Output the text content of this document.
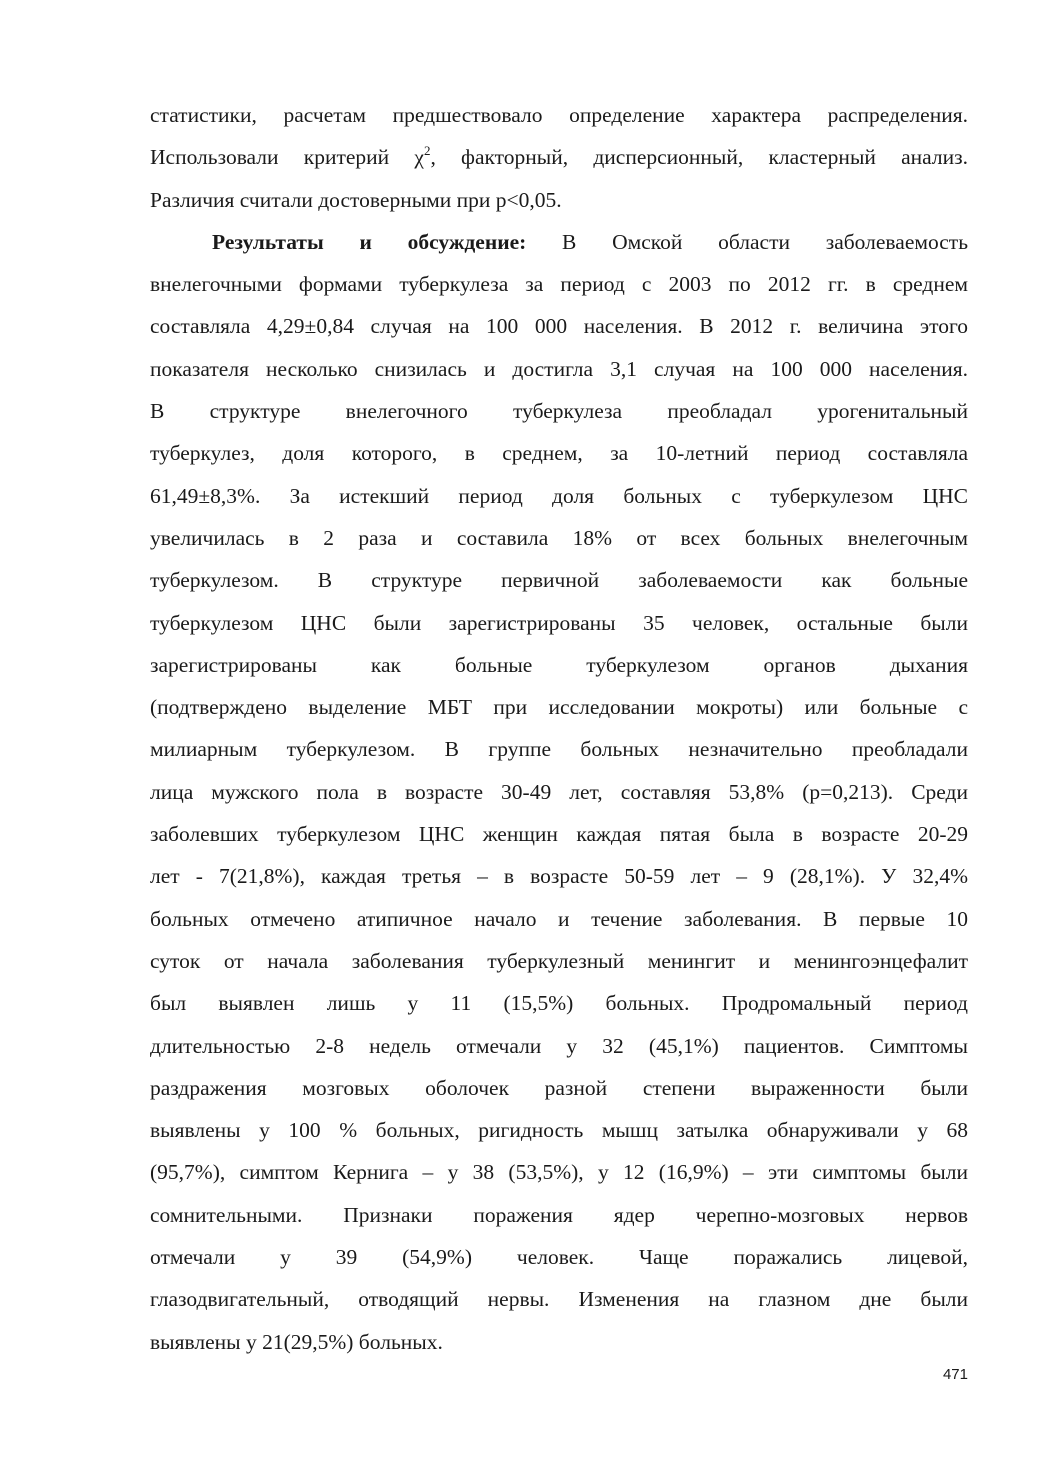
статистики, расчетам предшествовало определение характера распределения.
Использовали критерий $\chi^2$, факторный, дисперсионный, кластерный анализ.
Различия считали достоверными при p<0,05.
Результаты и обсуждение: В Омской области заболеваемость
внелегочными формами туберкулеза за период с 2003 по 2012 гг. в среднем
составляла 4,29±0,84 случая на 100 000 населения. В 2012 г. величина этого
показателя несколько снизилась и достигла 3,1 случая на 100 000 населения.
В структуре внелегочного туберкулеза преобладал урогенитальный
туберкулез, доля которого, в среднем, за 10-летний период составляла
61,49±8,3%. За истекший период доля больных с туберкулезом ЦНС
увеличилась в 2 раза и составила 18% от всех больных внелегочным
туберкулезом. В структуре первичной заболеваемости как больные
туберкулезом ЦНС были зарегистрированы 35 человек, остальные были
зарегистрированы как больные туберкулезом органов дыхания
(подтверждено выделение МБТ при исследовании мокроты) или больные с
милиарным туберкулезом. В группе больных незначительно преобладали
лица мужского пола в возрасте 30-49 лет, составляя 53,8% (р=0,213). Среди
заболевших туберкулезом ЦНС женщин каждая пятая была в возрасте 20-29
лет - 7(21,8%), каждая третья – в возрасте 50-59 лет – 9 (28,1%). У 32,4%
больных отмечено атипичное начало и течение заболевания. В первые 10
суток от начала заболевания туберкулезный менингит и менингоэнцефалит
был выявлен лишь у 11 (15,5%) больных. Продромальный период
длительностью 2-8 недель отмечали у 32 (45,1%) пациентов. Симптомы
раздражения мозговых оболочек разной степени выраженности были
выявлены у 100 % больных, ригидность мышц затылка обнаруживали у 68
(95,7%), симптом Кернига – у 38 (53,5%), у 12 (16,9%) – эти симптомы были
сомнительными. Признаки поражения ядер черепно-мозговых нервов
отмечали у 39 (54,9%) человек. Чаще поражались лицевой,
глазодвигательный, отводящий нервы. Изменения на глазном дне были
выявлены у 21(29,5%) больных.
471
